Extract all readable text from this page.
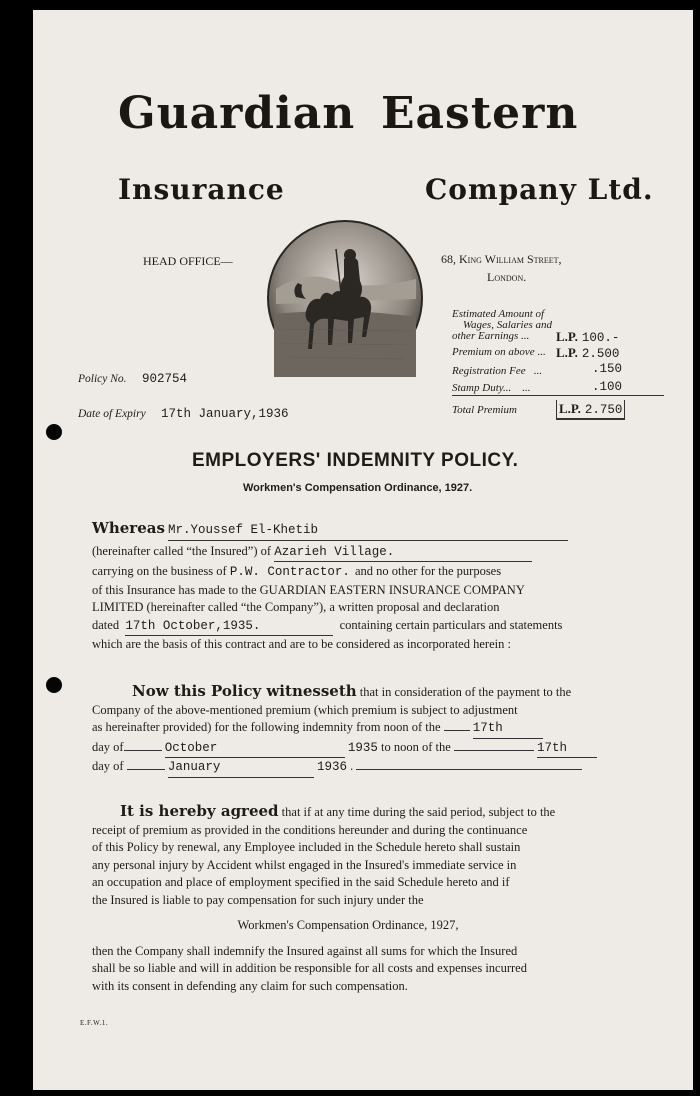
Guardian Eastern
Insurance	Company Ltd.
HEAD OFFICE—	68, King William Street,
London.
Policy No. 902754
Date of Expiry 17th January,1936
Estimated Amount of
Wages, Salaries and
other Earnings ...	L.P. 100.-
Premium on above ... L.P. 2.500
Registration Fee ...	.150
Stamp Duty... ...	.100
Total Premium	L.P. 2.750
EMPLOYERS' INDEMNITY POLICY.
Workmen's Compensation Ordinance, 1927.
Whereas Mr.Youssef El-Khetib
(hereinafter called “the Insured”) of Azarieh Village.
carrying on the business of P.W. Contractor. and no other for the purposes
of this Insurance has made to the GUARDIAN EASTERN INSURANCE COMPANY
LIMITED (hereinafter called “the Company”), a written proposal and declaration
dated 17th October,1935.	containing certain particulars and statements
which are the basis of this contract and are to be considered as incorporated herein :
Now this Policy witnesseth that in consideration of the payment to the
Company of the above-mentioned premium (which premium is subject to adjustment
as hereinafter provided) for the following indemnity from noon of the	17th
day of	October	1935 to noon of the	17th
day of	January	1936 .
It is hereby agreed that if at any time during the said period, subject to the
receipt of premium as provided in the conditions hereunder and during the continuance
of this Policy by renewal, any Employee included in the Schedule hereto shall sustain
any personal injury by Accident whilst engaged in the Insured's immediate service in
an occupation and place of employment specified in the said Schedule hereto and if
the Insured is liable to pay compensation for such injury under the
Workmen's Compensation Ordinance, 1927,
then the Company shall indemnify the Insured against all sums for which the Insured
shall be so liable and will in addition be responsible for all costs and expenses incurred
with its consent in defending any claim for such compensation.
E.F.W.1.
